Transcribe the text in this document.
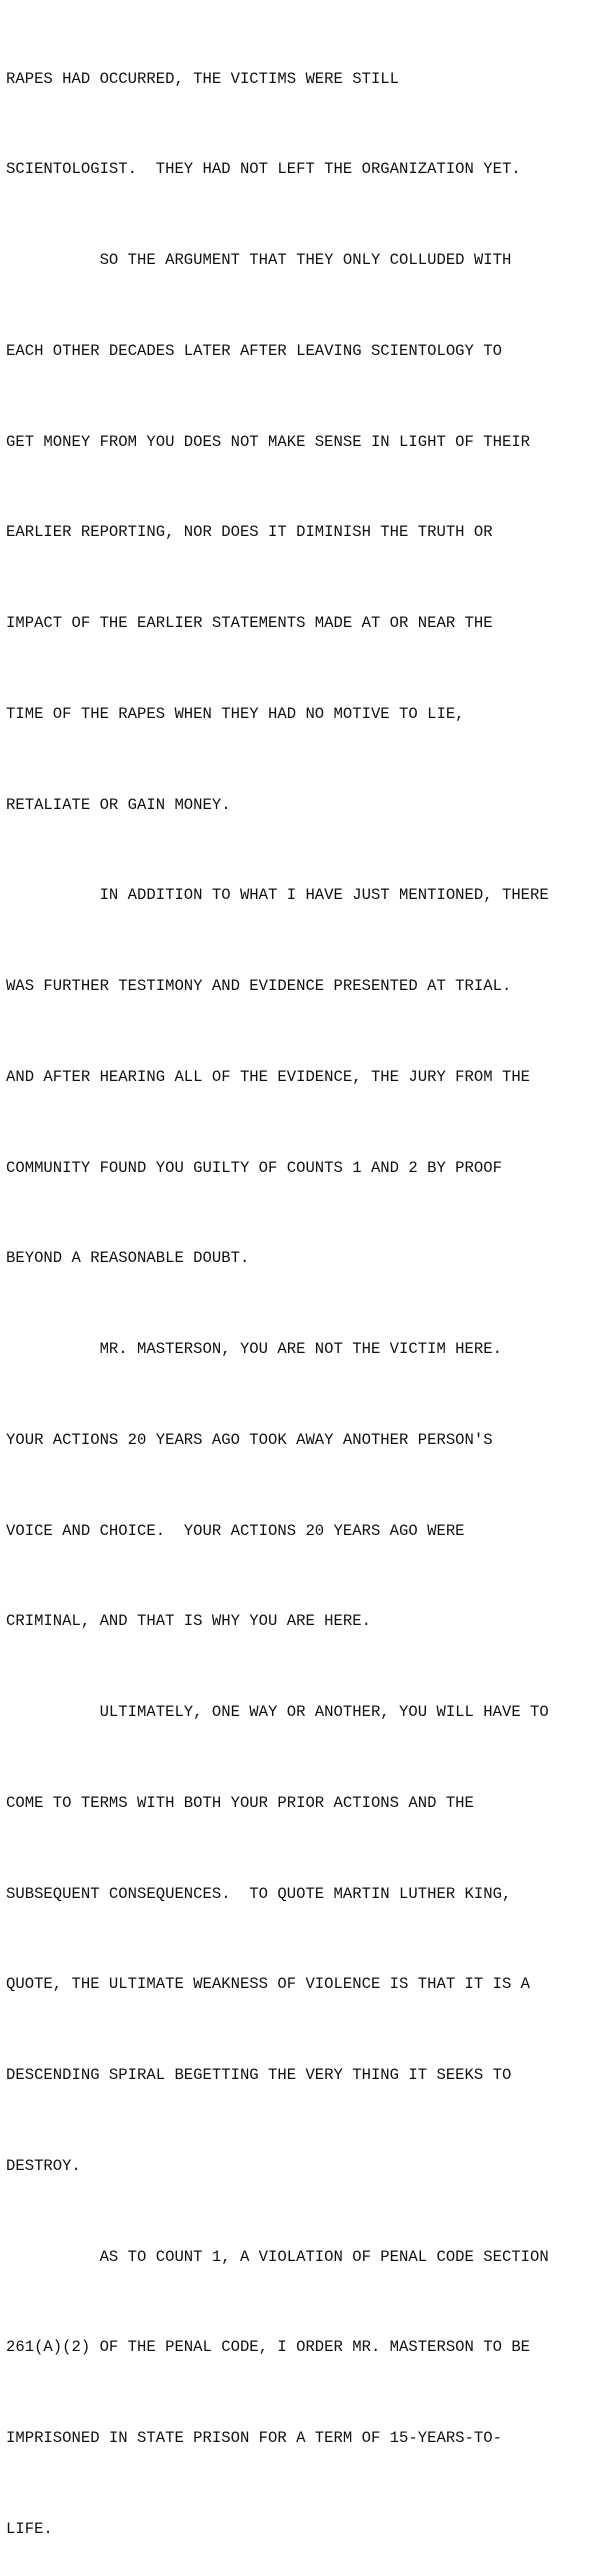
RAPES HAD OCCURRED, THE VICTIMS WERE STILL

SCIENTOLOGIST.  THEY HAD NOT LEFT THE ORGANIZATION YET.

SO THE ARGUMENT THAT THEY ONLY COLLUDED WITH

EACH OTHER DECADES LATER AFTER LEAVING SCIENTOLOGY TO

GET MONEY FROM YOU DOES NOT MAKE SENSE IN LIGHT OF THEIR

EARLIER REPORTING, NOR DOES IT DIMINISH THE TRUTH OR

IMPACT OF THE EARLIER STATEMENTS MADE AT OR NEAR THE

TIME OF THE RAPES WHEN THEY HAD NO MOTIVE TO LIE,

RETALIATE OR GAIN MONEY.

IN ADDITION TO WHAT I HAVE JUST MENTIONED, THERE

WAS FURTHER TESTIMONY AND EVIDENCE PRESENTED AT TRIAL.

AND AFTER HEARING ALL OF THE EVIDENCE, THE JURY FROM THE

COMMUNITY FOUND YOU GUILTY OF COUNTS 1 AND 2 BY PROOF

BEYOND A REASONABLE DOUBT.

MR. MASTERSON, YOU ARE NOT THE VICTIM HERE.

YOUR ACTIONS 20 YEARS AGO TOOK AWAY ANOTHER PERSON'S

VOICE AND CHOICE.  YOUR ACTIONS 20 YEARS AGO WERE

CRIMINAL, AND THAT IS WHY YOU ARE HERE.

ULTIMATELY, ONE WAY OR ANOTHER, YOU WILL HAVE TO

COME TO TERMS WITH BOTH YOUR PRIOR ACTIONS AND THE

SUBSEQUENT CONSEQUENCES.  TO QUOTE MARTIN LUTHER KING,

QUOTE, THE ULTIMATE WEAKNESS OF VIOLENCE IS THAT IT IS A

DESCENDING SPIRAL BEGETTING THE VERY THING IT SEEKS TO

DESTROY.

AS TO COUNT 1, A VIOLATION OF PENAL CODE SECTION

261(A)(2) OF THE PENAL CODE, I ORDER MR. MASTERSON TO BE

IMPRISONED IN STATE PRISON FOR A TERM OF 15-YEARS-TO-

LIFE.
